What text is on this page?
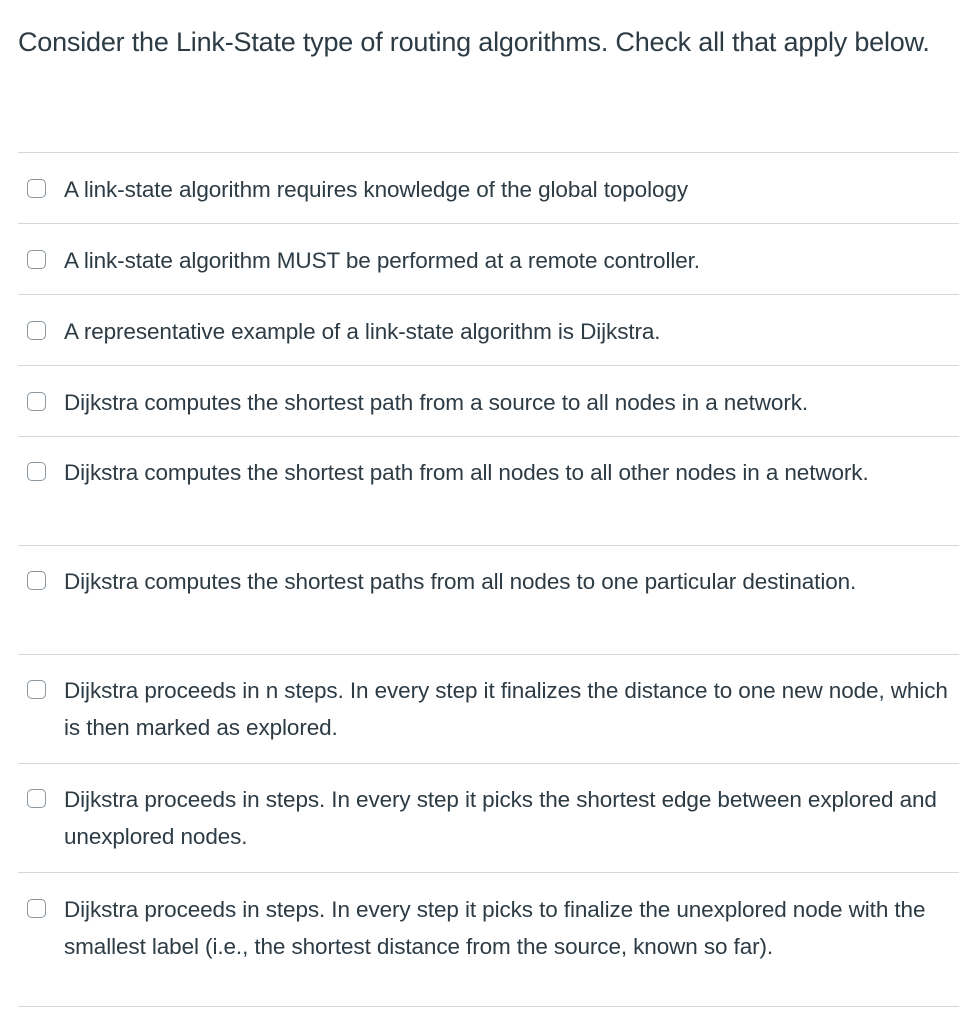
Consider the Link-State type of routing algorithms. Check all that apply below.

A link-state algorithm requires knowledge of the global topology
A link-state algorithm MUST be performed at a remote controller.
A representative example of a link-state algorithm is Dijkstra.
Dijkstra computes the shortest path from a source to all nodes in a network.
Dijkstra computes the shortest path from all nodes to all other nodes in a network.
Dijkstra computes the shortest paths from all nodes to one particular destination.
Dijkstra proceeds in n steps. In every step it finalizes the distance to one new node, which is then marked as explored.
Dijkstra proceeds in steps. In every step it picks the shortest edge between explored and unexplored nodes.
Dijkstra proceeds in steps. In every step it picks to finalize the unexplored node with the smallest label (i.e., the shortest distance from the source, known so far).
